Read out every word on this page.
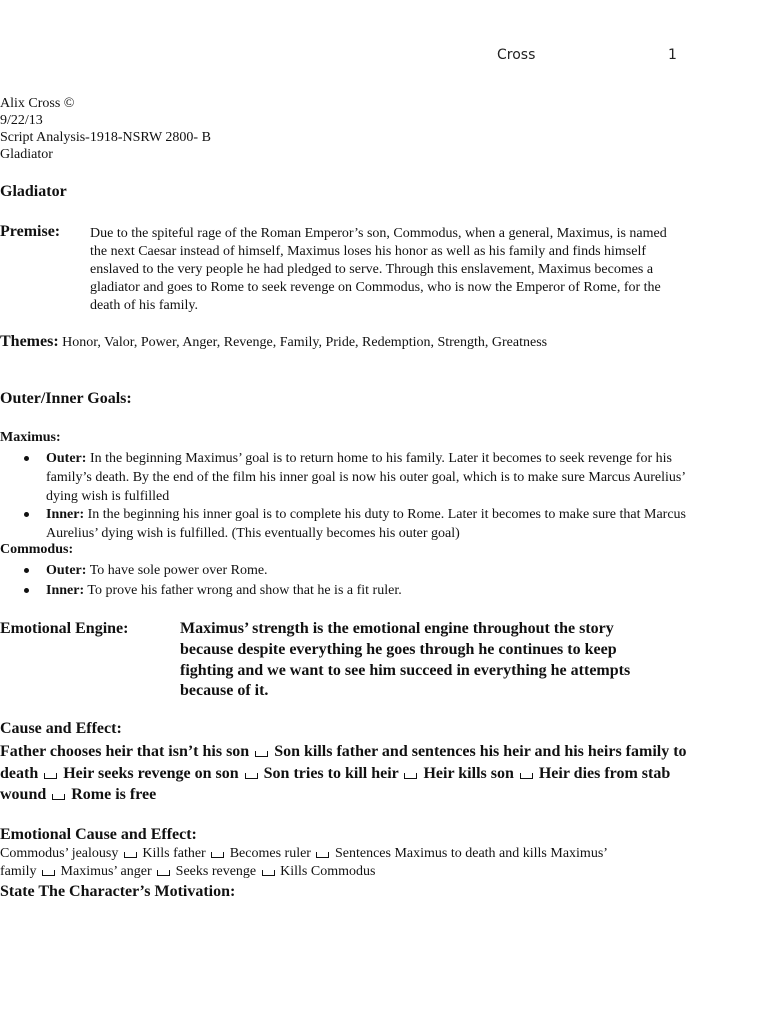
Cross	1
Alix Cross ©
9/22/13
Script Analysis-1918-NSRW 2800- B
Gladiator
Gladiator
Premise: Due to the spiteful rage of the Roman Emperor’s son, Commodus, when a general, Maximus, is named the next Caesar instead of himself, Maximus loses his honor as well as his family and finds himself enslaved to the very people he had pledged to serve. Through this enslavement, Maximus becomes a gladiator and goes to Rome to seek revenge on Commodus, who is now the Emperor of Rome, for the death of his family.
Themes: Honor, Valor, Power, Anger, Revenge, Family, Pride, Redemption, Strength, Greatness
Outer/Inner Goals:
Maximus:
Outer: In the beginning Maximus’ goal is to return home to his family. Later it becomes to seek revenge for his family’s death. By the end of the film his inner goal is now his outer goal, which is to make sure Marcus Aurelius’ dying wish is fulfilled
Inner: In the beginning his inner goal is to complete his duty to Rome. Later it becomes to make sure that Marcus Aurelius’ dying wish is fulfilled. (This eventually becomes his outer goal)
Commodus:
Outer: To have sole power over Rome.
Inner: To prove his father wrong and show that he is a fit ruler.
Emotional Engine:	Maximus’ strength is the emotional engine throughout the story because despite everything he goes through he continues to keep fighting and we want to see him succeed in everything he attempts because of it.
Cause and Effect:
Father chooses heir that isn’t his son Son kills father and sentences his heir and his heirs family to death Heir seeks revenge on son Son tries to kill heir Heir kills son Heir dies from stab wound Rome is free
Emotional Cause and Effect:
Commodus’ jealousy Kills father Becomes ruler Sentences Maximus to death and kills Maximus’ family Maximus’ anger Seeks revenge Kills Commodus
State The Character’s Motivation:
